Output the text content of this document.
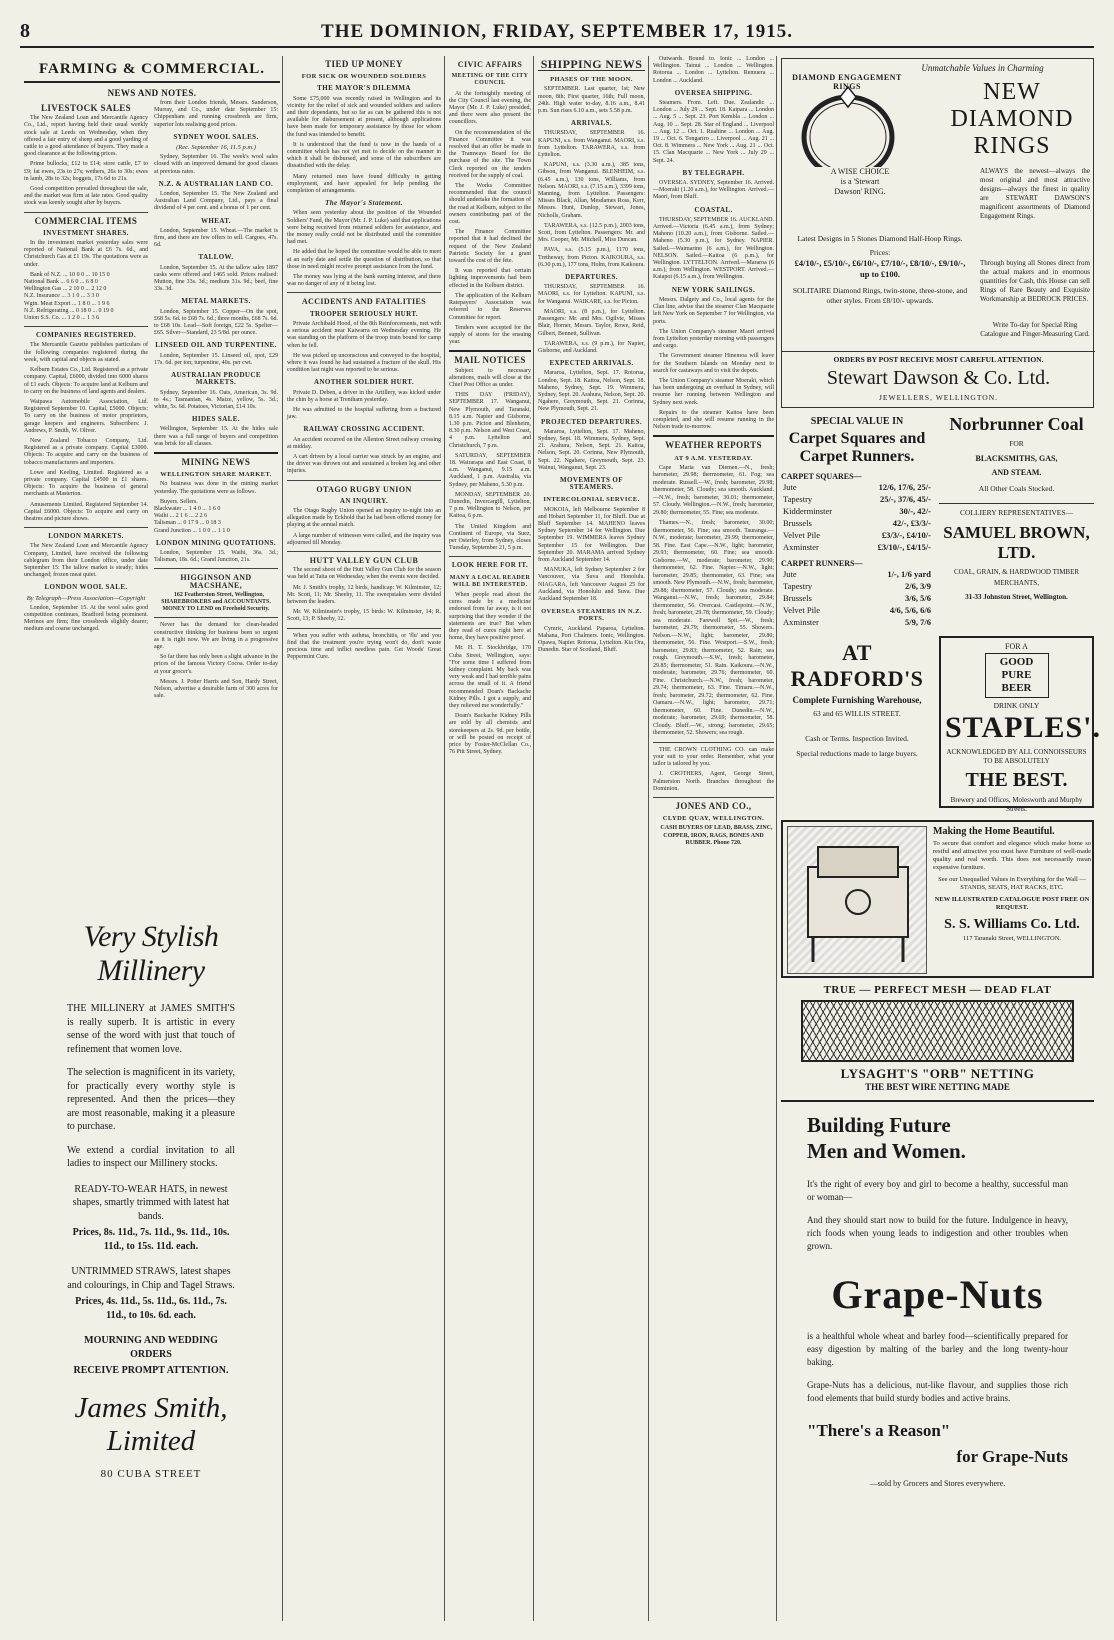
8	THE DOMINION, FRIDAY, SEPTEMBER 17, 1915.
FARMING & COMMERCIAL.
NEWS AND NOTES.
LIVESTOCK SALES

The New Zealand Loan and Mercantile Agency Co., Ltd., report having held their usual weekly stock sale at Leeds on Wednesday, when they offered a fair entry of sheep and a good yarding of cattle to a good attendance of buyers. They made a good clearance at the following prices.

Prime bullocks, £12 to £14; store cattle, £7 to £9; fat ewes, 23s to 27s; wethers, 26s to 30s; ewes in lamb, 28s to 32s; hoggets, 17s 6d to 21s.

Good competition prevailed throughout the sale, and the market was firm at late rates. Good quality stock was keenly sought after by buyers.

COMMERCIAL ITEMS
INVESTMENT SHARES.

In the investment market yesterday sales were reported of National Bank at £6 7s. 6d., and Christchurch Gas at £1 19s. The quotations were as under.

Bank of N.Z. ... 10 0 0 ... 10 15 0
National Bank ... 6 6 0 ... 6 8 0
Wellington Gas ... 2 10 0 ... 2 12 0
N.Z. Insurance ... 3 1 0 ... 3 3 0
Wgtn. Meat Export ... 1 8 0 ... 1 9 6
N.Z. Refrigerating ... 0 18 0 ... 0 19 0
Union S.S. Co. ... 1 2 0 ... 1 3 6

COMPANIES REGISTERED.

The Mercantile Gazette publishes particulars of the following companies registered during the week, with capital and objects as stated.

Kelburn Estates Co., Ltd. Registered as a private company. Capital, £6000, divided into 6000 shares of £1 each. Objects: To acquire land at Kelburn and to carry on the business of land agents and dealers.

Waipawa Automobile Association, Ltd. Registered September 10. Capital, £5000. Objects: To carry on the business of motor proprietors, garage keepers and engineers. Subscribers: J. Andrews, P. Smith, W. Oliver.

New Zealand Tobacco Company, Ltd. Registered as a private company. Capital £3000. Objects: To acquire and carry on the business of tobacco manufacturers and importers.

Lowe and Keeling, Limited. Registered as a private company. Capital £4500 in £1 shares. Objects: To acquire the business of general merchants at Masterton.

Amusements Limited. Registered September 14. Capital £6000. Objects: To acquire and carry on theatres and picture shows.

LONDON MARKETS.

The New Zealand Loan and Mercantile Agency Company, Limited, have received the following cablegram from their London office, under date September 15: The tallow market is steady; hides unchanged; frozen meat quiet.

LONDON WOOL SALE.
By Telegraph—Press Association—Copyright

London, September 15. At the wool sales good competition continues, Bradford being prominent. Merinos are firm; fine crossbreds slightly dearer; medium and coarse unchanged.

from their London friends, Messrs. Sanderson, Murray, and Co., under date September 15: Chippenham and running crossbreds are firm, superior lots realising good prices.

SYDNEY WOOL SALES.
(Rec. September 16, 11.5 p.m.)

Sydney, September 16. The week's wool sales closed with an improved demand for good classes at previous rates.

N.Z. & AUSTRALIAN LAND CO.

London, September 15. The New Zealand and Australian Land Company, Ltd., pays a final dividend of 4 per cent. and a bonus of 1 per cent.

WHEAT.

London, September 15. Wheat.—The market is firm, and there are few offers to sell. Cargoes, 47s. 6d.

TALLOW.

London, September 15. At the tallow sales 1897 casks were offered and 1465 sold. Prices realised: Mutton, fine 33s. 3d.; medium 31s. 9d.; beef, fine 33s. 3d.

METAL MARKETS.

London, September 15. Copper—On the spot, £68 5s. 6d. to £68 7s. 6d.; three months, £68 7s. 6d. to £68 10s. Lead—Soft foreign, £22 5s. Spelter—£65. Silver—Standard, 23 5/8d. per ounce.

LINSEED OIL AND TURPENTINE.

London, September 15. Linseed oil, spot, £29 17s. 6d. per ton; turpentine, 40s. per cwt.

AUSTRALIAN PRODUCE MARKETS.

Sydney, September 16. Oats, American, 3s. 9d. to 4s.; Tasmanian, 4s. Maize, yellow, 5s. 3d.; white, 5s. 6d. Potatoes, Victorian, £14 10s.

HIDES SALE.

Wellington, September 15. At the hides sale there was a full range of buyers and competition was brisk for all classes.

MINING NEWS
WELLINGTON SHARE MARKET.

No business was done in the mining market yesterday. The quotations were as follows.

Buyers. Sellers.
Blackwater ... 1 4 0 ... 1 6 0
Waihi ... 2 1 6 ... 2 2 6
Talisman ... 0 17 9 ... 0 18 3
Grand Junction ... 1 0 0 ... 1 1 0

LONDON MINING QUOTATIONS.

London, September 15. Waihi, 36s. 3d.; Talisman, 18s. 6d.; Grand Junction, 21s.

HIGGINSON AND MACSHANE,

162 Featherston Street, Wellington, SHAREBROKERS and ACCOUNTANTS. MONEY TO LEND on Freehold Security.

Never has the demand for clean-headed constructive thinking for business been so urgent as it is right now. We are living in a progressive age.

So far there has only been a slight advance in the prices of the famous Victory Cocoa. Order to-day at your grocer's.

Messrs. J. Potter Harris and Son, Hardy Street, Nelson, advertise a desirable farm of 300 acres for sale.

Very Stylish Millinery

THE MILLINERY at JAMES SMITH'S is really superb. It is artistic in every sense of the word with just that touch of refinement that women love.

The selection is magnificent in its variety, for practically every worthy style is represented. And then the prices—they are most reasonable, making it a pleasure to purchase.

We extend a cordial invitation to all ladies to inspect our Millinery stocks.

READY-TO-WEAR HATS, in newest shapes, smartly trimmed with latest hat bands.

Prices, 8s. 11d., 7s. 11d., 9s. 11d., 10s. 11d., to 15s. 11d. each.

UNTRIMMED STRAWS, latest shapes and colourings, in Chip and Tagel Straws.

Prices, 4s. 11d., 5s. 11d., 6s. 11d., 7s. 11d., to 10s. 6d. each.

MOURNING AND WEDDING ORDERS

RECEIVE PROMPT ATTENTION.

James Smith, Limited
80 CUBA STREET
TIED UP MONEY
FOR SICK OR WOUNDED SOLDIERS
THE MAYOR'S DILEMMA

Some £75,000 was recently raised in Wellington and its vicinity for the relief of sick and wounded soldiers and sailors and their dependants, but so far as can be gathered this is not available for disbursement at present, although applications have been made for temporary assistance by those for whom the fund was intended to benefit.

It is understood that the fund is now in the hands of a committee which has not yet met to decide on the manner in which it shall be disbursed, and some of the subscribers are dissatisfied with the delay.

Many returned men have found difficulty in getting employment, and have appealed for help pending the completion of arrangements.

The Mayor's Statement.

When seen yesterday about the position of the Wounded Soldiers' Fund, the Mayor (Mr. J. P. Luke) said that applications were being received from returned soldiers for assistance, and the money really could not be distributed until the committee had met.

He added that he hoped the committee would be able to meet at an early date and settle the question of distribution, so that those in need might receive prompt assistance from the fund.

The money was lying at the bank earning interest, and there was no danger of any of it being lost.

ACCIDENTS AND FATALITIES
TROOPER SERIOUSLY HURT.

Private Archibald Hood, of the 8th Reinforcements, met with a serious accident near Kaiwarra on Wednesday evening. He was standing on the platform of the troop train bound for camp when he fell.

He was picked up unconscious and conveyed to the hospital, where it was found he had sustained a fracture of the skull. His condition last night was reported to be serious.

ANOTHER SOLDIER HURT.

Private D. Deben, a driver in the Artillery, was kicked under the chin by a horse at Trentham yesterday.

He was admitted to the hospital suffering from a fractured jaw.

RAILWAY CROSSING ACCIDENT.

An accident occurred on the Allenton Street railway crossing at midday.

A cart driven by a local carrier was struck by an engine, and the driver was thrown out and sustained a broken leg and other injuries.

OTAGO RUGBY UNION
AN INQUIRY.

The Otago Rugby Union opened an inquiry to-night into an allegation made by Eckhold that he had been offered money for playing at the annual match.

A large number of witnesses were called, and the inquiry was adjourned till Monday.

HUTT VALLEY GUN CLUB

The second shoot of the Hutt Valley Gun Club for the season was held at Taita on Wednesday, when the events were decided.

Mr. J. Smith's trophy, 12 birds, handicap: W. Kilminster, 12; Mr. Scott, 11; Mr. Sheehy, 11. The sweepstakes were divided between the leaders.

Mr. W. Kilminster's trophy, 15 birds: W. Kilminster, 14; R. Scott, 13; P. Sheehy, 12.

When you suffer with asthma, bronchitis, or 'flu' and you find that the treatment you're trying won't do, don't waste precious time and inflict needless pain. Get Woods' Great Peppermint Cure.

CIVIC AFFAIRS
MEETING OF THE CITY COUNCIL

At the fortnightly meeting of the City Council last evening, the Mayor (Mr. J. P. Luke) presided, and there were also present the councillors.

On the recommendation of the Finance Committee it was resolved that an offer be made to the Tramways Board for the purchase of the site. The Town Clerk reported on the tenders received for the supply of coal.

The Works Committee recommended that the council should undertake the formation of the road at Kelburn, subject to the owners contributing part of the cost.

The Finance Committee reported that it had declined the request of the New Zealand Patriotic Society for a grant toward the cost of the fete.

It was reported that certain lighting improvements had been effected in the Kelburn district.

The application of the Kelburn Ratepayers' Association was referred to the Reserves Committee for report.

Tenders were accepted for the supply of stores for the ensuing year.

MAIL NOTICES

Subject to necessary alterations, mails will close at the Chief Post Office as under.

THIS DAY (FRIDAY), SEPTEMBER 17. Wanganui, New Plymouth, and Taranaki, 8.15 a.m. Napier and Gisborne, 1.30 p.m. Picton and Blenheim, 8.30 p.m. Nelson and West Coast, 4 p.m. Lyttelton and Christchurch, 7 p.m.

SATURDAY, SEPTEMBER 18. Wairarapa and East Coast, 8 a.m. Wanganui, 9.15 a.m. Auckland, 1 p.m. Australia, via Sydney, per Maheno, 5.30 p.m.

MONDAY, SEPTEMBER 20. Dunedin, Invercargill, Lyttelton, 7 p.m. Wellington to Nelson, per Kaitoa, 6 p.m.

The United Kingdom and Continent of Europe, via Suez, per Osterley, from Sydney, closes Tuesday, September 21, 5 p.m.

LOOK HERE FOR IT.
MANY A LOCAL READER WILL BE INTERESTED.

When people read about the cures made by a medicine endorsed from far away, is it not surprising that they wonder if the statements are true? But when they read of cures right here at home, they have positive proof.

Mr. H. T. Stockbridge, 170 Cuba Street, Wellington, says: "For some time I suffered from kidney complaint. My back was very weak and I had terrible pains across the small of it. A friend recommended Doan's Backache Kidney Pills. I got a supply, and they relieved me wonderfully."

Doan's Backache Kidney Pills are sold by all chemists and storekeepers at 2s. 9d. per bottle, or will be posted on receipt of price by Foster-McClellan Co., 76 Pitt Street, Sydney.

SHIPPING NEWS
PHASES OF THE MOON.

SEPTEMBER. Last quarter, 1st; New moon, 8th; First quarter, 16th; Full moon, 24th. High water to-day, 8.16 a.m., 8.41 p.m. Sun rises 6.10 a.m., sets 5.58 p.m.

ARRIVALS.

THURSDAY, SEPTEMBER 16. KAPUNI, s.s. from Wanganui. MAORI, s.s. from Lyttelton. TARAWERA, s.s. from Lyttelton.

KAPUNI, s.s. (3.30 a.m.), 385 tons, Gibson, from Wanganui. BLENHEIM, s.s. (6.45 a.m.), 130 tons, Williams, from Nelson. MAORI, s.s. (7.15 a.m.), 3399 tons, Manning, from Lyttelton. Passengers: Misses Black, Allan, Mesdames Ross, Kerr, Messrs. Hunt, Dunlop, Stewart, Jones, Nicholls, Graham.

TARAWERA, s.s. (12.5 p.m.), 2003 tons, Scott, from Lyttelton. Passengers: Mr. and Mrs. Cooper, Mr. Mitchell, Miss Duncan.

PAVA, s.s. (5.15 p.m.), 1170 tons, Tretheway, from Picton. KAIKOURA, s.s. (6.30 p.m.), 177 tons, Holm, from Kaikoura.

DEPARTURES.

THURSDAY, SEPTEMBER 16. MAORI, s.s. for Lyttelton. KAPUNI, s.s. for Wanganui. WAIKARE, s.s. for Picton.

MAORI, s.s. (8 p.m.), for Lyttelton. Passengers: Mr. and Mrs. Ogilvie, Misses Blair, Horner, Messrs. Taylor, Rowe, Reid, Gilbert, Bennett, Sullivan.

TARAWERA, s.s. (9 p.m.), for Napier, Gisborne, and Auckland.

EXPECTED ARRIVALS.

Mararoa, Lyttelton, Sept. 17. Rotorua, London, Sept. 18. Kaitoa, Nelson, Sept. 18. Maheno, Sydney, Sept. 19. Wimmera, Sydney, Sept. 20. Arahura, Nelson, Sept. 20. Ngahere, Greymouth, Sept. 21. Corinna, New Plymouth, Sept. 21.

PROJECTED DEPARTURES.

Mararoa, Lyttelton, Sept. 17. Maheno, Sydney, Sept. 18. Wimmera, Sydney, Sept. 21. Arahura, Nelson, Sept. 21. Kaitoa, Nelson, Sept. 20. Corinna, New Plymouth, Sept. 22. Ngahere, Greymouth, Sept. 23. Wainui, Wanganui, Sept. 23.

MOVEMENTS OF STEAMERS.
INTERCOLONIAL SERVICE.

MOKOIA, left Melbourne September 8 and Hobart September 11, for Bluff. Due at Bluff September 14. MAHENO leaves Sydney September 14 for Wellington. Due September 19. WIMMERA leaves Sydney September 15 for Wellington. Due September 20. MARAMA arrived Sydney from Auckland September 14.

MANUKA, left Sydney September 2 for Vancouver, via Suva and Honolulu. NIAGARA, left Vancouver August 25 for Auckland, via Honolulu and Suva. Due Auckland September 18.

OVERSEA STEAMERS IN N.Z. PORTS.

Cymric, Auckland. Paparoa, Lyttelton. Mahana, Port Chalmers. Ionic, Wellington. Opawa, Napier. Rotorua, Lyttelton. Kia Ora, Dunedin. Star of Scotland, Bluff.

Outwards. Bound to. Ionic ... London ... Wellington. Tainui ... London ... Wellington. Rotorua ... London ... Lyttelton. Remuera ... London ... Auckland.

OVERSEA SHIPPING.

Steamers. From. Left. Due. Zealandic ... London ... July 29 ... Sept. 18. Kaipara ... London ... Aug. 5 ... Sept. 23. Port Kembla ... London ... Aug. 10 ... Sept. 28. Star of England ... Liverpool ... Aug. 12 ... Oct. 1. Ruahine ... London ... Aug. 19 ... Oct. 6. Tongariro ... Liverpool ... Aug. 21 ... Oct. 8. Wimmera ... New York ... Aug. 21 ... Oct. 15. Clan Macquarie ... New York ... July 29 ... Sept. 24.

BY TELEGRAPH.

OVERSEA. SYDNEY, September 16. Arrived.—Moeraki (1.20 a.m.), for Wellington. Arrived.—Maori, from Bluff.

COASTAL.

THURSDAY, SEPTEMBER 16. AUCKLAND. Arrived.—Victoria (6.45 a.m.), from Sydney; Mahono (10.20 a.m.), from Gisborne. Sailed.—Maheno (5.30 p.m.), for Sydney. NAPIER. Sailed.—Waimarino (6 a.m.), for Wellington. NELSON. Sailed.—Kaitoa (6 p.m.), for Wellington. LYTTELTON. Arrived.—Mararoa (6 a.m.), from Wellington. WESTPORT. Arrived.—Kaiapoi (6.15 a.m.), from Wellington.

NEW YORK SAILINGS.

Messrs. Dalgety and Co., local agents for the Clan line, advise that the steamer Clan Macquarie left New York on September 7 for Wellington, via ports.

The Union Company's steamer Maori arrived from Lyttelton yesterday morning with passengers and cargo.

The Government steamer Hinemoa will leave for the Southern Islands on Monday next to search for castaways and to visit the depots.

The Union Company's steamer Moeraki, which has been undergoing an overhaul in Sydney, will resume her running between Wellington and Sydney next week.

Repairs to the steamer Kaitoa have been completed, and she will resume running in the Nelson trade to-morrow.

WEATHER REPORTS
AT 9 A.M. YESTERDAY.

Cape Maria van Diemen.—N., fresh; barometer, 29.98; thermometer, 61. Fog; sea moderate. Russell.—W., fresh; barometer, 29.98; thermometer, 58. Cloudy; sea smooth. Auckland.—N.W., fresh; barometer, 30.01; thermometer, 57. Cloudy. Wellington.—N.W., fresh; barometer, 29.80; thermometer, 55. Fine; sea moderate.

Thames.—N., fresh; barometer, 30.00; thermometer, 56. Fine; sea smooth. Tauranga.—N.W., moderate; barometer, 29.99; thermometer, 58. Fine. East Cape.—N.W., light; barometer, 29.93; thermometer, 60. Fine; sea smooth. Gisborne.—W., moderate; barometer, 29.90; thermometer, 62. Fine. Napier.—N.W., light; barometer, 29.85; thermometer, 63. Fine; sea smooth. New Plymouth.—N.W., fresh; barometer, 29.88; thermometer, 57. Cloudy; sea moderate. Wanganui.—N.W., fresh; barometer, 29.84; thermometer, 56. Overcast. Castlepoint.—N.W., fresh; barometer, 29.78; thermometer, 59. Cloudy; sea moderate. Farewell Spit.—W., fresh; barometer, 29.79; thermometer, 55. Showers. Nelson.—N.W., light; barometer, 29.80; thermometer, 56. Fine. Westport.—S.W., fresh; barometer, 29.83; thermometer, 52. Rain; sea rough. Greymouth.—S.W., fresh; barometer, 29.85; thermometer, 51. Rain. Kaikoura.—N.W., moderate; barometer, 29.76; thermometer, 60. Fine. Christchurch.—N.W., fresh; barometer, 29.74; thermometer, 63. Fine. Timaru.—N.W., fresh; barometer, 29.72; thermometer, 62. Fine. Oamaru.—N.W., light; barometer, 29.71; thermometer, 60. Fine. Dunedin.—N.W., moderate; barometer, 29.69; thermometer, 58. Cloudy. Bluff.—W., strong; barometer, 29.65; thermometer, 52. Showers; sea rough.

THE CROWN CLOTHING CO. can make your suit to your order. Remember, what your tailor is tailored by you.

J. CROTHERS, Agent, George Street, Palmerston North. Branches throughout the Dominion.

JONES AND CO.,
CLYDE QUAY, WELLINGTON.

CASH BUYERS OF LEAD, BRASS, ZINC, COPPER, IRON, RAGS, BONES AND RUBBER. Phone 720.

Unmatchable Values in Charming
DIAMOND ENGAGEMENT RINGS	NEW
DIAMOND
RINGS
A WISE CHOICE is a 'Stewart Dawson' RING.
ALWAYS the newest—always the most original and most attractive designs—always the finest in quality are STEWART DAWSON'S magnificent assortments of Diamond Engagement Rings.
Latest Designs in 5 Stones Diamond Half-Hoop Rings.
Prices:
£4/10/-, £5/10/-, £6/10/-, £7/10/-, £8/10/-, £9/10/-, up to £100.
SOLITAIRE Diamond Rings, twin-stone, three-stone, and other styles. From £8/10/- upwards.
Through buying all Stones direct from the actual makers and in enormous quantities for Cash, this House can sell Rings of Rare Beauty and Exquisite Workmanship at BEDROCK PRICES.
Write To-day for Special Ring Catalogue and Finger-Measuring Card.
ORDERS BY POST RECEIVE MOST CAREFUL ATTENTION.
Stewart Dawson & Co. Ltd.
JEWELLERS, WELLINGTON.
SPECIAL VALUE IN
Carpet Squares and
Carpet Runners.
CARPET SQUARES—
Jute	12/6, 17/6, 25/-
Tapestry	25/-, 37/6, 45/-
Kidderminster	30/-, 42/-
Brussels	42/-, £3/3/-
Velvet Pile	£3/3/-, £4/10/-
Axminster	£3/10/-, £4/15/-
CARPET RUNNERS—
Jute	1/-, 1/6 yard
Tapestry	2/6, 3/9
Brussels	3/6, 5/6
Velvet Pile	4/6, 5/6, 6/6
Axminster	5/9, 7/6
AT RADFORD'S
Complete Furnishing Warehouse,
63 and 65 WILLIS STREET.
Cash or Terms. Inspection Invited.
Special reductions made to large buyers.
Norbrunner Coal
FOR
BLACKSMITHS, GAS, AND STEAM.
All Other Coals Stocked.
COLLIERY REPRESENTATIVES—
SAMUEL BROWN, LTD.
COAL, GRAIN, & HARDWOOD TIMBER MERCHANTS,
31-33 Johnston Street, Wellington.
FOR A
GOOD PURE BEER
DRINK ONLY
STAPLES'.
ACKNOWLEDGED BY ALL CONNOISSEURS TO BE ABSOLUTELY
THE BEST.
Brewery and Offices, Molesworth and Murphy Streets.
Making the Home Beautiful.
To secure that comfort and elegance which make home so restful and attractive you must have Furniture of well-made quality and real worth. This does not necessarily mean expensive furniture.
See our Unequalled Values in Everything for the Wall — STANDS, SEATS, HAT RACKS, ETC.
NEW ILLUSTRATED CATALOGUE POST FREE ON REQUEST.
S. S. Williams Co. Ltd.
117 Taranaki Street, WELLINGTON.
TRUE — PERFECT MESH — DEAD FLAT
LYSAGHT'S "ORB" NETTING
THE BEST WIRE NETTING MADE
Building Future
Men and Women.
It's the right of every boy and girl to become a healthy, successful man or woman—
And they should start now to build for the future. Indulgence in heavy, rich foods when young leads to indigestion and other troubles when grown.
Grape-Nuts
is a healthful whole wheat and barley food—scientifically prepared for easy digestion by malting of the barley and the long twenty-hour baking.
Grape-Nuts has a delicious, nut-like flavour, and supplies those rich food elements that build sturdy bodies and active brains.
"There's a Reason"
for Grape-Nuts
—sold by Grocers and Stores everywhere.
